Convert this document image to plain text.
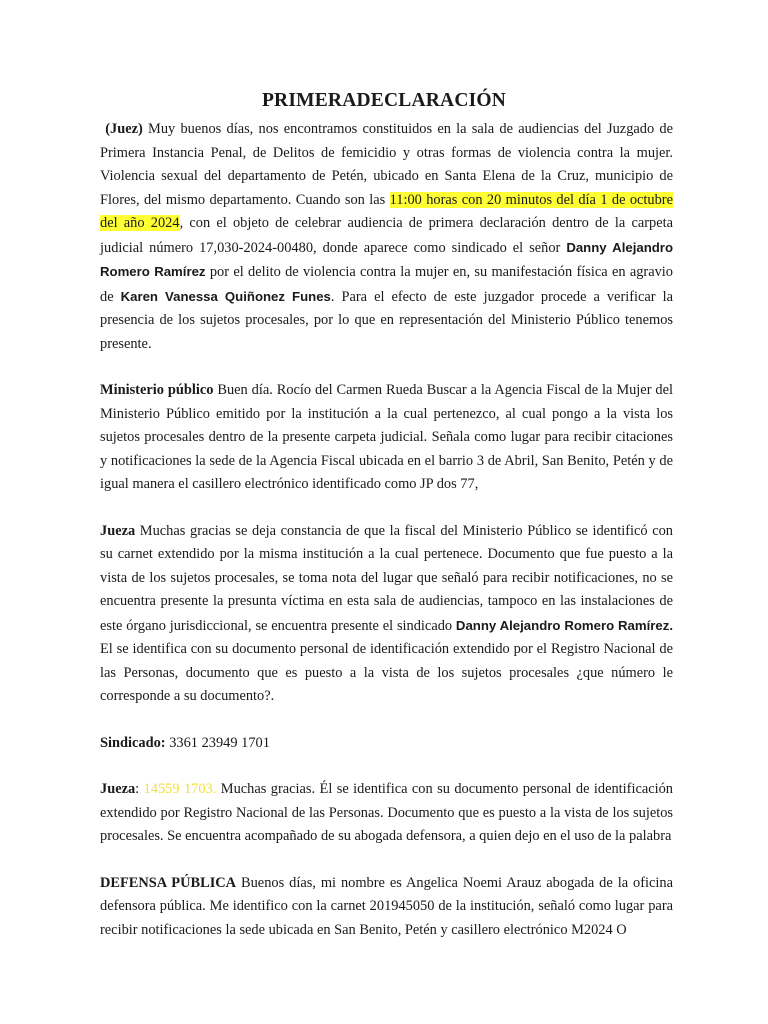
PRIMERADECLARACIÓN

(Juez) Muy buenos días, nos encontramos constituidos en la sala de audiencias del Juzgado de Primera Instancia Penal, de Delitos de femicidio y otras formas de violencia contra la mujer. Violencia sexual del departamento de Petén, ubicado en Santa Elena de la Cruz, municipio de Flores, del mismo departamento. Cuando son las 11:00 horas con 20 minutos del día 1 de octubre del año 2024, con el objeto de celebrar audiencia de primera declaración dentro de la carpeta judicial número 17,030-2024-00480, donde aparece como sindicado el señor Danny Alejandro Romero Ramírez por el delito de violencia contra la mujer en, su manifestación física en agravio de Karen Vanessa Quiñonez Funes. Para el efecto de este juzgador procede a verificar la presencia de los sujetos procesales, por lo que en representación del Ministerio Público tenemos presente.

Ministerio público Buen día. Rocío del Carmen Rueda Buscar a la Agencia Fiscal de la Mujer del Ministerio Público emitido por la institución a la cual pertenezco, al cual pongo a la vista los sujetos procesales dentro de la presente carpeta judicial. Señala como lugar para recibir citaciones y notificaciones la sede de la Agencia Fiscal ubicada en el barrio 3 de Abril, San Benito, Petén y de igual manera el casillero electrónico identificado como JP dos 77,

Jueza Muchas gracias se deja constancia de que la fiscal del Ministerio Público se identificó con su carnet extendido por la misma institución a la cual pertenece. Documento que fue puesto a la vista de los sujetos procesales, se toma nota del lugar que señaló para recibir notificaciones, no se encuentra presente la presunta víctima en esta sala de audiencias, tampoco en las instalaciones de este órgano jurisdiccional, se encuentra presente el sindicado Danny Alejandro Romero Ramírez. El se identifica con su documento personal de identificación extendido por el Registro Nacional de las Personas, documento que es puesto a la vista de los sujetos procesales ¿que número le corresponde a su documento?.

Sindicado: 3361 23949 1701

Jueza: 14559 1703. Muchas gracias. Él se identifica con su documento personal de identificación extendido por Registro Nacional de las Personas. Documento que es puesto a la vista de los sujetos procesales. Se encuentra acompañado de su abogada defensora, a quien dejo en el uso de la palabra

DEFENSA PÚBLICA Buenos días, mi nombre es Angelica Noemi Arauz abogada de la oficina defensora pública. Me identifico con la carnet 201945050 de la institución, señaló como lugar para recibir notificaciones la sede ubicada en San Benito, Petén y casillero electrónico M2024 O
